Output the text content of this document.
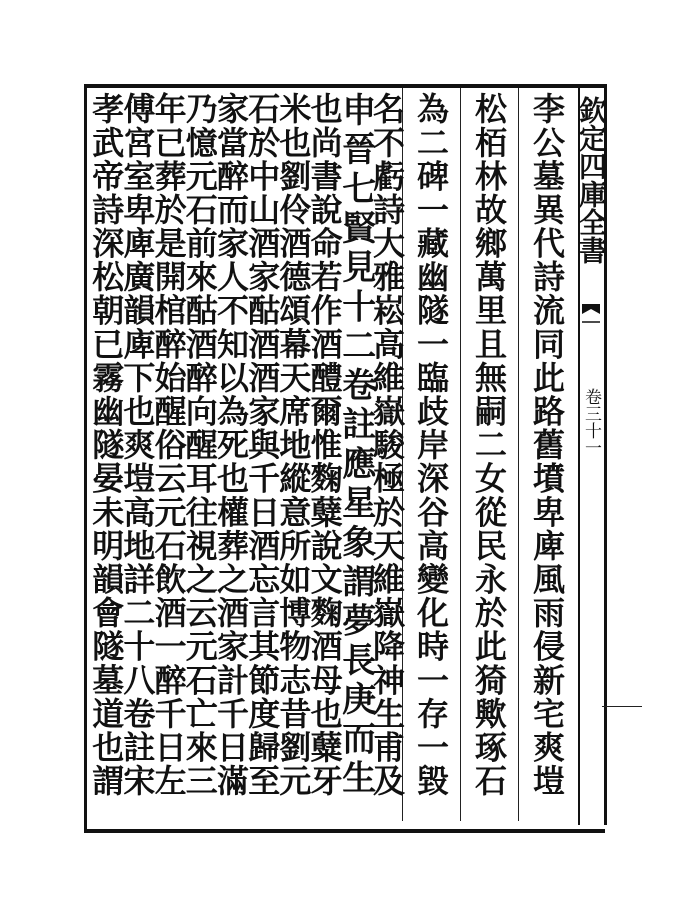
欽定四庫全書
卷三十一
李公墓異代詩流同此路舊墳卑庳風雨侵新宅爽塏
松栢林故鄉萬里且無嗣二女從民永於此猗歟琢石
為二碑一藏幽隧一臨歧岸深谷高變化時一存一毀
名不虧詩大雅崧高維嶽駿極於天維嶽降神生甫及
申晉七賢見十二卷註應星象謂夢長庚而生
也尚書說命若作酒醴爾惟麴糵說文麴酒母也糵牙
米也劉伶酒德頌幕天席地縱意所如博物志昔劉元
石於中山酒家酤酒酒家與千日酒忘言其節度歸至
家當醉而家人不知以為死也權葬之酒家計千日滿
乃憶元石前來酤酒醉向醒耳往視之云元石亡來三
年已葬於是開棺醉始醒俗云元石飲酒一醉千日左
傅宮室卑庳廣韻庳下也爽塏高地詳二十八卷註宋
孝武帝詩深松朝已霧幽隧晏未明韻會隧墓道也謂
